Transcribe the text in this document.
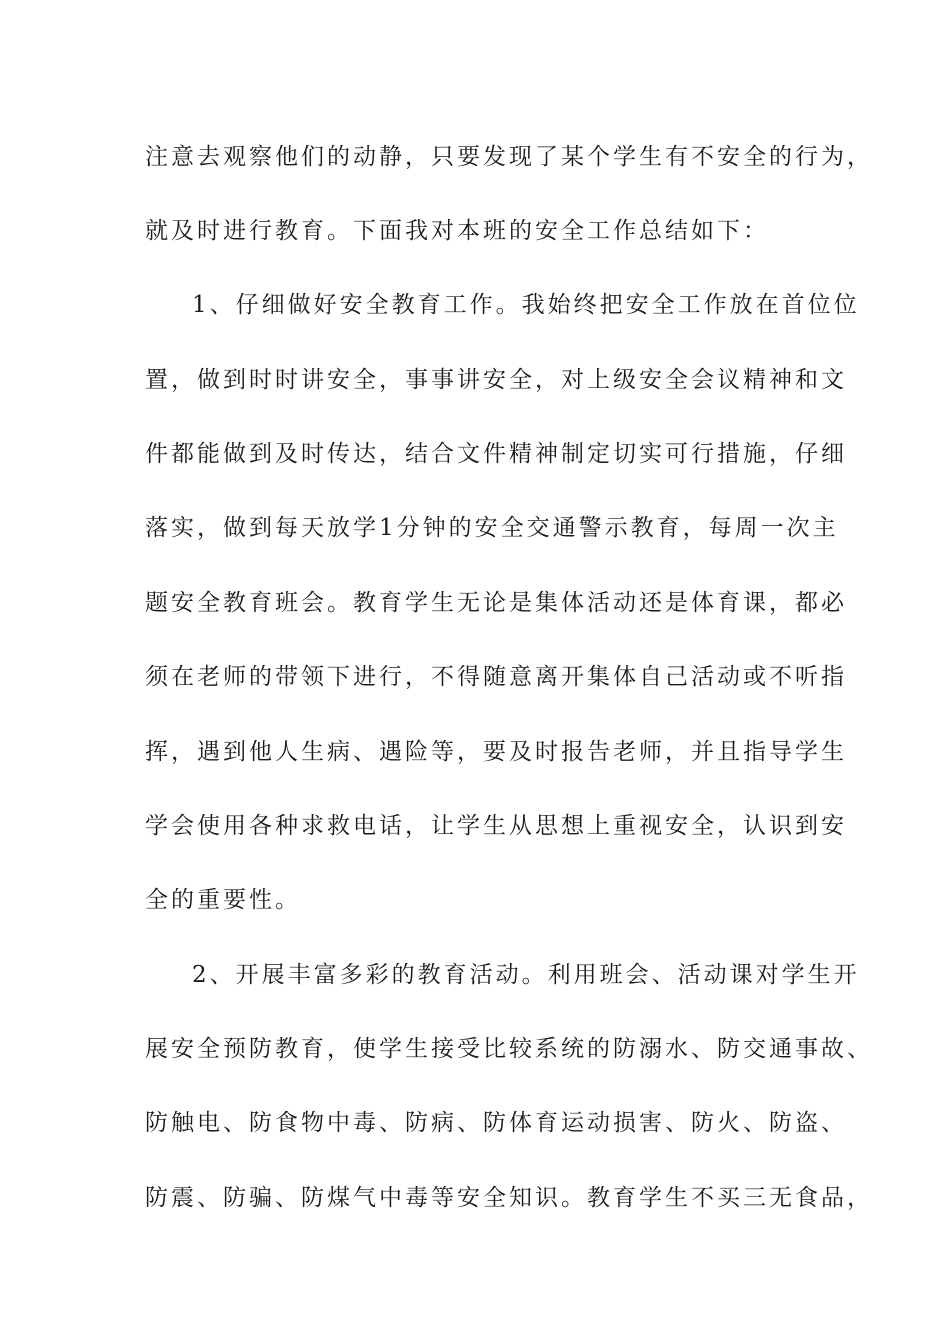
注意去观察他们的动静，只要发现了某个学生有不安全的行为，
就及时进行教育。下面我对本班的安全工作总结如下：
1、仔细做好安全教育工作。我始终把安全工作放在首位位
置，做到时时讲安全，事事讲安全，对上级安全会议精神和文
件都能做到及时传达，结合文件精神制定切实可行措施，仔细
落实，做到每天放学1分钟的安全交通警示教育，每周一次主
题安全教育班会。教育学生无论是集体活动还是体育课，都必
须在老师的带领下进行，不得随意离开集体自己活动或不听指
挥，遇到他人生病、遇险等，要及时报告老师，并且指导学生
学会使用各种求救电话，让学生从思想上重视安全，认识到安
全的重要性。
2、开展丰富多彩的教育活动。利用班会、活动课对学生开
展安全预防教育，使学生接受比较系统的防溺水、防交通事故、
防触电、防食物中毒、防病、防体育运动损害、防火、防盗、
防震、防骗、防煤气中毒等安全知识。教育学生不买三无食品，
